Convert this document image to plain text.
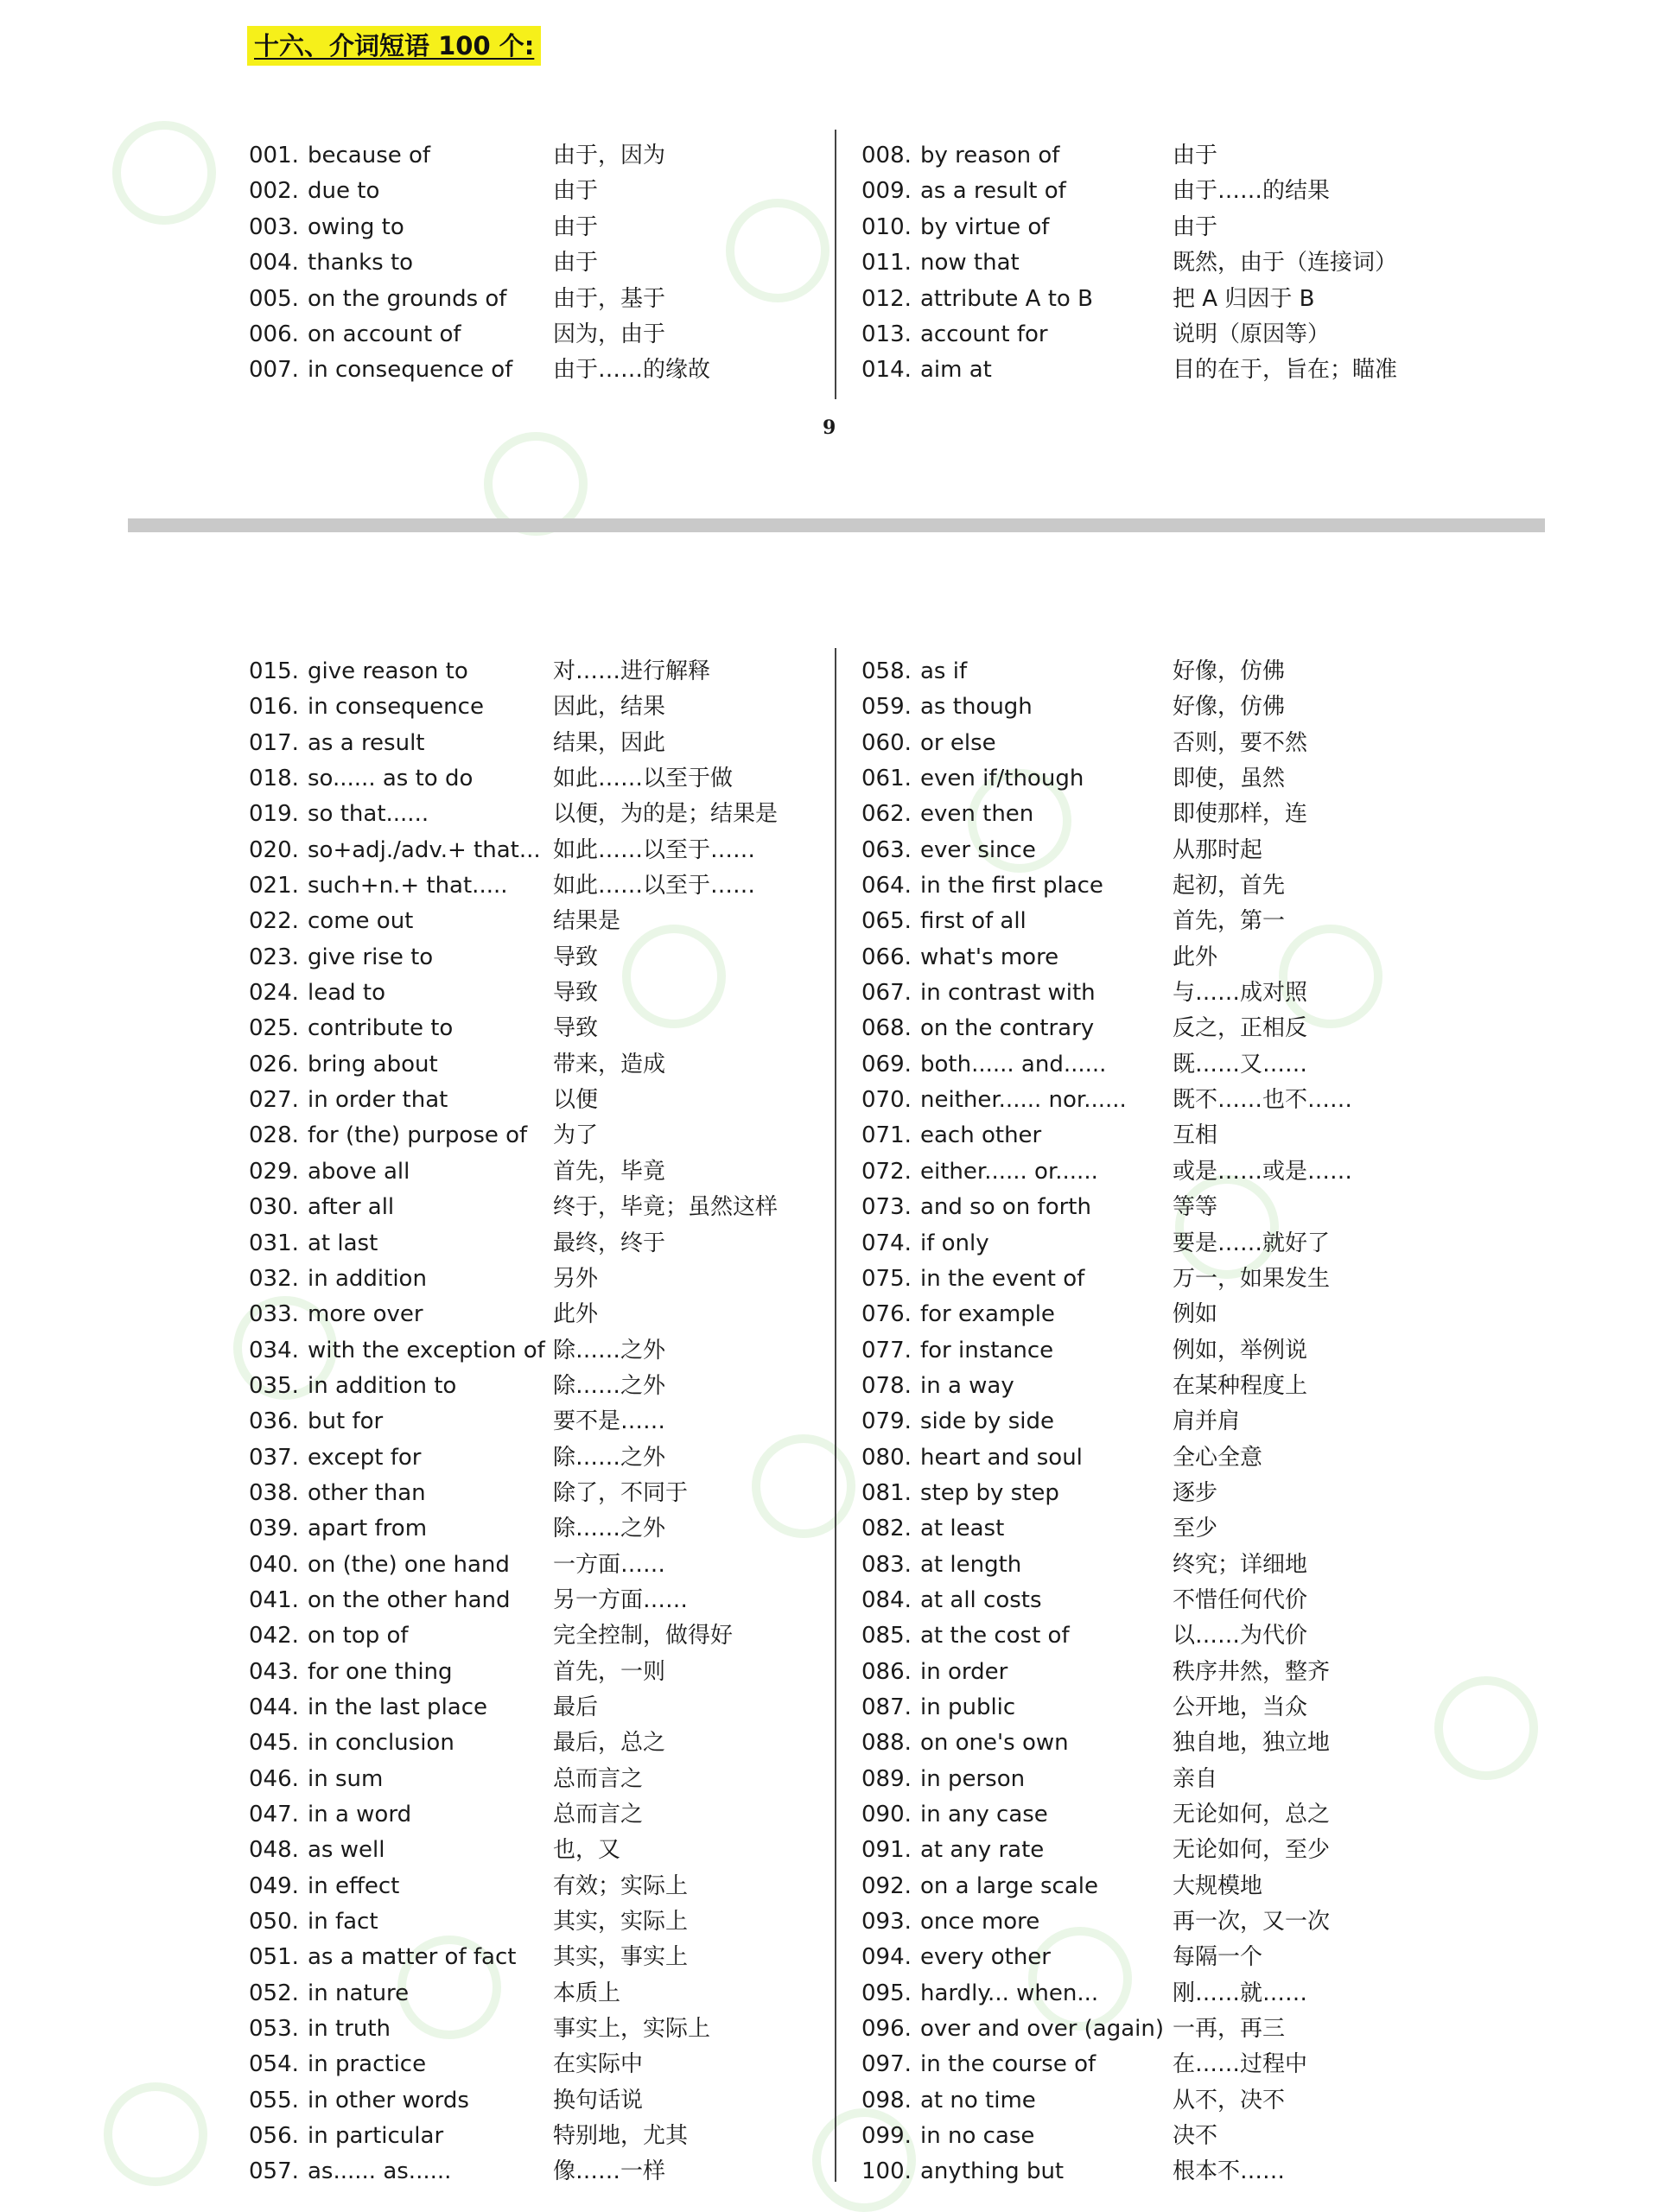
十六、介词短语 100 个:
001. because of	由于，因为
002. due to	由于
003. owing to	由于
004. thanks to	由于
005. on the grounds of 由于，基于
006. on account of	因为，由于
007. in consequence of 由于……的缘故
008. by reason of	由于
009. as a result of	由于……的结果
010. by virtue of	由于
011. now that	既然，由于（连接词）
012. attribute A to B	把 A 归因于 B
013. account for	说明（原因等）
014. aim at	目的在于，旨在；瞄准
9
015. give reason to	对……进行解释
016. in consequence	因此，结果
017. as a result	结果，因此
018. so...... as to do	如此……以至于做
019. so that......	以便，为的是；结果是
020. so+adj./adv.+ that... 如此……以至于……
021. such+n.+ that..... 如此……以至于……
022. come out	结果是
023. give rise to	导致
024. lead to	导致
025. contribute to	导致
026. bring about	带来，造成
027. in order that	以便
028. for (the) purpose of 为了
029. above all	首先，毕竟
030. after all	终于，毕竟；虽然这样
031. at last	最终，终于
032. in addition	另外
033. more over	此外
034. with the exception of 除……之外
035. in addition to	除……之外
036. but for	要不是……
037. except for	除……之外
038. other than	除了，不同于
039. apart from	除……之外
040. on (the) one hand 一方面……
041. on the other hand 另一方面……
042. on top of	完全控制，做得好
043. for one thing	首先，一则
044. in the last place	最后
045. in conclusion	最后，总之
046. in sum	总而言之
047. in a word	总而言之
048. as well	也，又
049. in effect	有效；实际上
050. in fact	其实，实际上
051. as a matter of fact 其实，事实上
052. in nature	本质上
053. in truth	事实上，实际上
054. in practice	在实际中
055. in other words	换句话说
056. in particular	特别地，尤其
057. as...... as......	像……一样
058. as if	好像，仿佛
059. as though	好像，仿佛
060. or else	否则，要不然
061. even if/though	即使，虽然
062. even then	即使那样，连
063. ever since	从那时起
064. in the first place	起初，首先
065. first of all	首先，第一
066. what's more	此外
067. in contrast with	与……成对照
068. on the contrary	反之，正相反
069. both...... and......	既……又……
070. neither...... nor...... 既不……也不……
071. each other	互相
072. either...... or......	或是……或是……
073. and so on forth	等等
074. if only	要是……就好了
075. in the event of	万一，如果发生
076. for example	例如
077. for instance	例如，举例说
078. in a way	在某种程度上
079. side by side	肩并肩
080. heart and soul	全心全意
081. step by step	逐步
082. at least	至少
083. at length	终究；详细地
084. at all costs	不惜任何代价
085. at the cost of	以……为代价
086. in order	秩序井然，整齐
087. in public	公开地，当众
088. on one's own	独自地，独立地
089. in person	亲自
090. in any case	无论如何，总之
091. at any rate	无论如何，至少
092. on a large scale	大规模地
093. once more	再一次，又一次
094. every other	每隔一个
095. hardly... when...	刚……就……
096. over and over (again) 一再，再三
097. in the course of	在……过程中
098. at no time	从不，决不
099. in no case	决不
100. anything but	根本不……
